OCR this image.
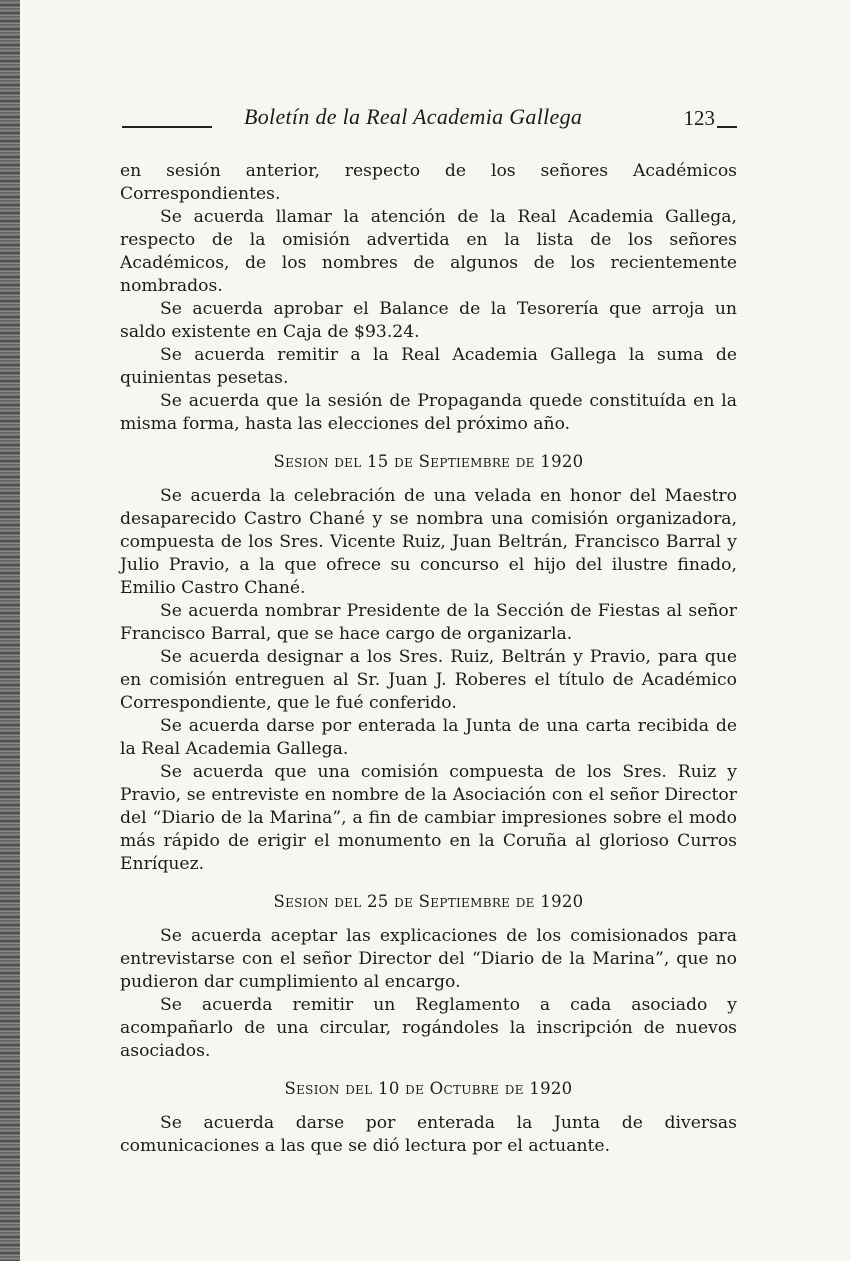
Boletín de la Real Academia Gallega	123

en sesión anterior, respecto de los señores Académicos Correspondientes.

Se acuerda llamar la atención de la Real Academia Gallega, respecto de la omisión advertida en la lista de los señores Académicos, de los nombres de algunos de los recientemente nombrados.

Se acuerda aprobar el Balance de la Tesorería que arroja un saldo existente en Caja de $93.24.

Se acuerda remitir a la Real Academia Gallega la suma de quinientas pesetas.

Se acuerda que la sesión de Propaganda quede constituída en la misma forma, hasta las elecciones del próximo año.

Sesion del 15 de Septiembre de 1920

Se acuerda la celebración de una velada en honor del Maestro desaparecido Castro Chané y se nombra una comisión organizadora, compuesta de los Sres. Vicente Ruiz, Juan Beltrán, Francisco Barral y Julio Pravio, a la que ofrece su concurso el hijo del ilustre finado, Emilio Castro Chané.

Se acuerda nombrar Presidente de la Sección de Fiestas al señor Francisco Barral, que se hace cargo de organizarla.

Se acuerda designar a los Sres. Ruiz, Beltrán y Pravio, para que en comisión entreguen al Sr. Juan J. Roberes el título de Académico Correspondiente, que le fué conferido.

Se acuerda darse por enterada la Junta de una carta recibida de la Real Academia Gallega.

Se acuerda que una comisión compuesta de los Sres. Ruiz y Pravio, se entreviste en nombre de la Asociación con el señor Director del “Diario de la Marina”, a fin de cambiar impresiones sobre el modo más rápido de erigir el monumento en la Coruña al glorioso Curros Enríquez.

Sesion del 25 de Septiembre de 1920

Se acuerda aceptar las explicaciones de los comisionados para entrevistarse con el señor Director del “Diario de la Marina”, que no pudieron dar cumplimiento al encargo.

Se acuerda remitir un Reglamento a cada asociado y acompañarlo de una circular, rogándoles la inscripción de nuevos asociados.

Sesion del 10 de Octubre de 1920

Se acuerda darse por enterada la Junta de diversas comunicaciones a las que se dió lectura por el actuante.
